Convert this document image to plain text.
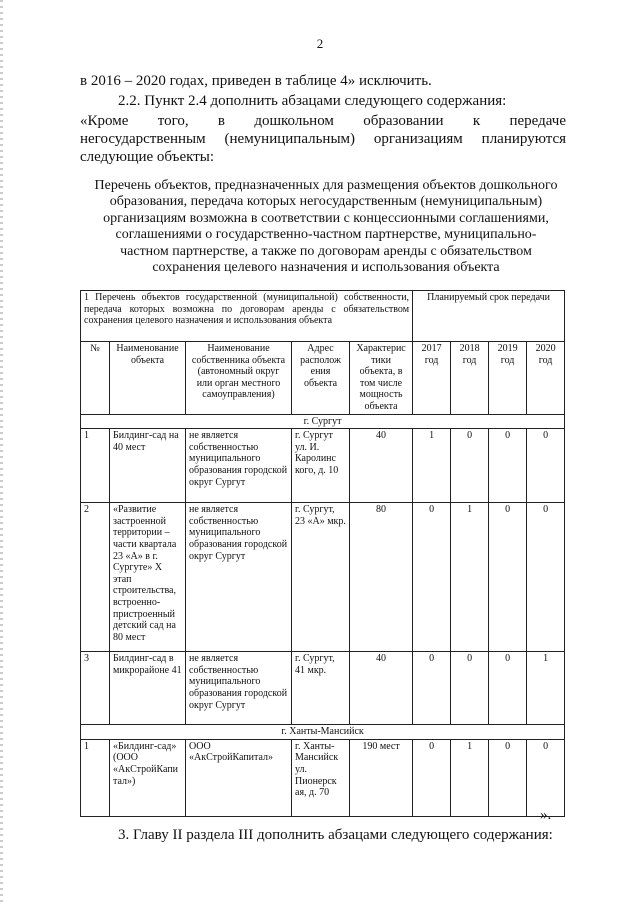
2

в 2016 – 2020 годах, приведен в таблице 4» исключить.

2.2. Пункт 2.4 дополнить абзацами следующего содержания:

«Кроме того, в дошкольном образовании к передаче

негосударственным (немуниципальным) организациям планируются

следующие объекты:

Перечень объектов, предназначенных для размещения объектов дошкольного
образования, передача которых негосударственным (немуниципальным)
организациям возможна в соответствии с концессионными соглашениями,
соглашениями о государственно-частном партнерстве, муниципально-
частном партнерстве, а также по договорам аренды с обязательством
сохранения целевого назначения и использования объекта
1 Перечень объектов государственной (муниципальной) собственности, передача которых возможна по договорам аренды с обязательством сохранения целевого назначения и использования объекта					Планируемый срок передачи			
№	Наименование объекта	Наименование собственника объекта (автономный округ или орган местного самоуправления)	Адрес располож ения объекта	Характерис тики объекта, в том числе мощность объекта	2017 год	2018 год	2019 год	2020 год
г. Сургут								
1	Билдинг-сад на 40 мест	не является собственностью муниципального образования городской округ Сургут	г. Сургут ул. И. Каролинс кого, д. 10	40	1	0	0	0
2	«Развитие застроенной территории – части квартала 23 «А» в г. Сургуте» X этап строительства, встроенно-пристроенный детский сад на 80 мест	не является собственностью муниципального образования городской округ Сургут	г. Сургут, 23 «А» мкр.	80	0	1	0	0
3	Билдинг-сад в микрорайоне 41	не является собственностью муниципального образования городской округ Сургут	г. Сургут, 41 мкр.	40	0	0	0	1
г. Ханты-Мансийск								
1	«Билдинг-сад» (ООО «АкСтройКапи тал»)	ООО «АкСтройКапитал»	г. Ханты-Мансийск ул. Пионерск ая, д. 70	190 мест	0	1	0	0
».

3. Главу II раздела III дополнить абзацами следующего содержания:
